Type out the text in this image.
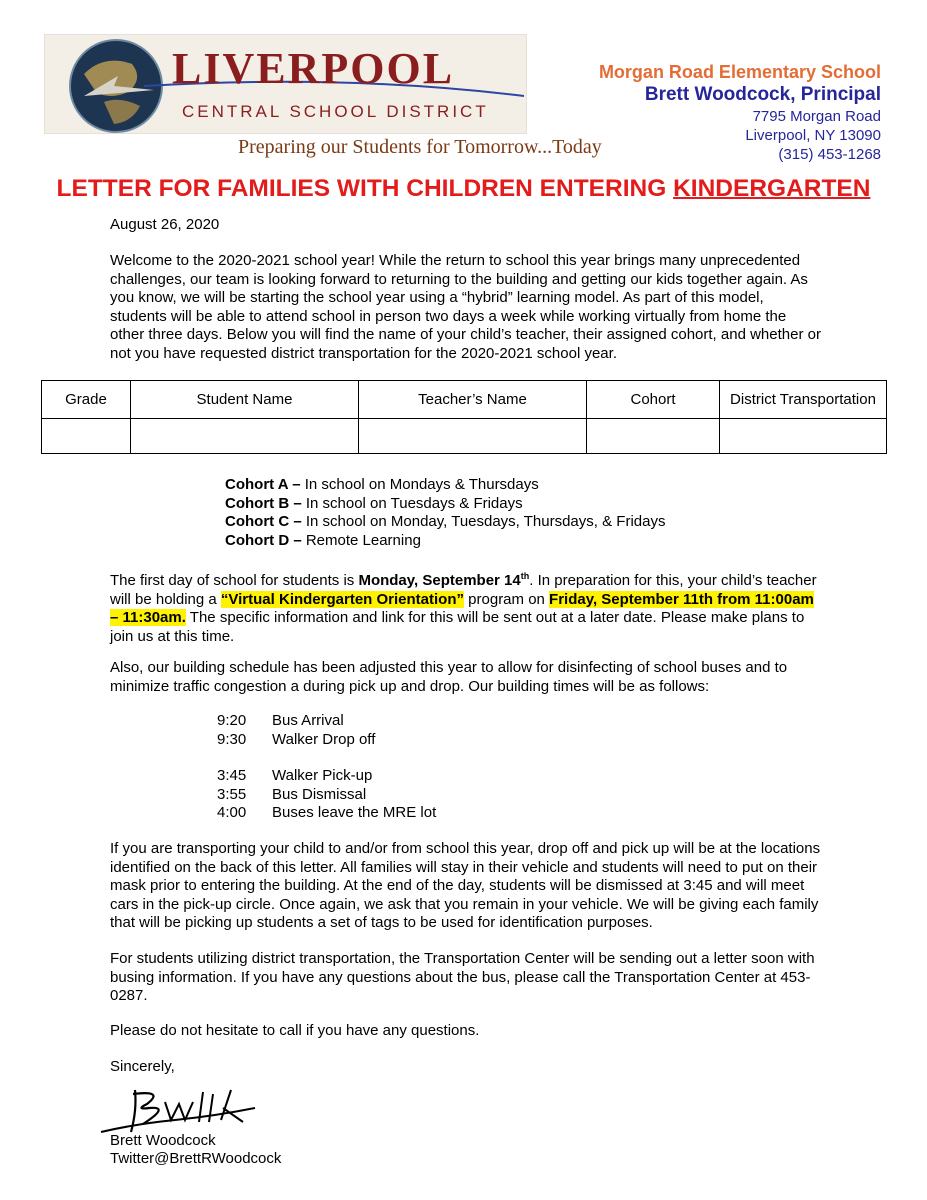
LIVERPOOL
CENTRAL SCHOOL DISTRICT
Preparing our Students for Tomorrow...Today
Morgan Road Elementary School
Brett Woodcock, Principal
7795 Morgan Road
Liverpool, NY 13090
(315) 453-1268
LETTER FOR FAMILIES WITH CHILDREN ENTERING KINDERGARTEN
August 26, 2020
Welcome to the 2020-2021 school year! While the return to school this year brings many unprecedented challenges, our team is looking forward to returning to the building and getting our kids together again. As you know, we will be starting the school year using a “hybrid” learning model. As part of this model, students will be able to attend school in person two days a week while working virtually from home the other three days. Below you will find the name of your child’s teacher, their assigned cohort, and whether or not you have requested district transportation for the 2020-2021 school year.
Grade	Student Name	Teacher’s Name	Cohort	District Transportation

Cohort A – In school on Mondays & Thursdays
Cohort B – In school on Tuesdays & Fridays
Cohort C – In school on Monday, Tuesdays, Thursdays, & Fridays
Cohort D – Remote Learning
The first day of school for students is Monday, September 14th. In preparation for this, your child’s teacher will be holding a “Virtual Kindergarten Orientation” program on Friday, September 11th from 11:00am – 11:30am. The specific information and link for this will be sent out at a later date. Please make plans to join us at this time.
Also, our building schedule has been adjusted this year to allow for disinfecting of school buses and to minimize traffic congestion a during pick up and drop. Our building times will be as follows:
9:20	Bus Arrival
9:30	Walker Drop off
3:45	Walker Pick-up
3:55	Bus Dismissal
4:00	Buses leave the MRE lot
If you are transporting your child to and/or from school this year, drop off and pick up will be at the locations identified on the back of this letter. All families will stay in their vehicle and students will need to put on their mask prior to entering the building. At the end of the day, students will be dismissed at 3:45 and will meet cars in the pick-up circle. Once again, we ask that you remain in your vehicle. We will be giving each family that will be picking up students a set of tags to be used for identification purposes.
For students utilizing district transportation, the Transportation Center will be sending out a letter soon with busing information. If you have any questions about the bus, please call the Transportation Center at 453-0287.
Please do not hesitate to call if you have any questions.
Sincerely,
Brett Woodcock
Twitter@BrettRWoodcock
